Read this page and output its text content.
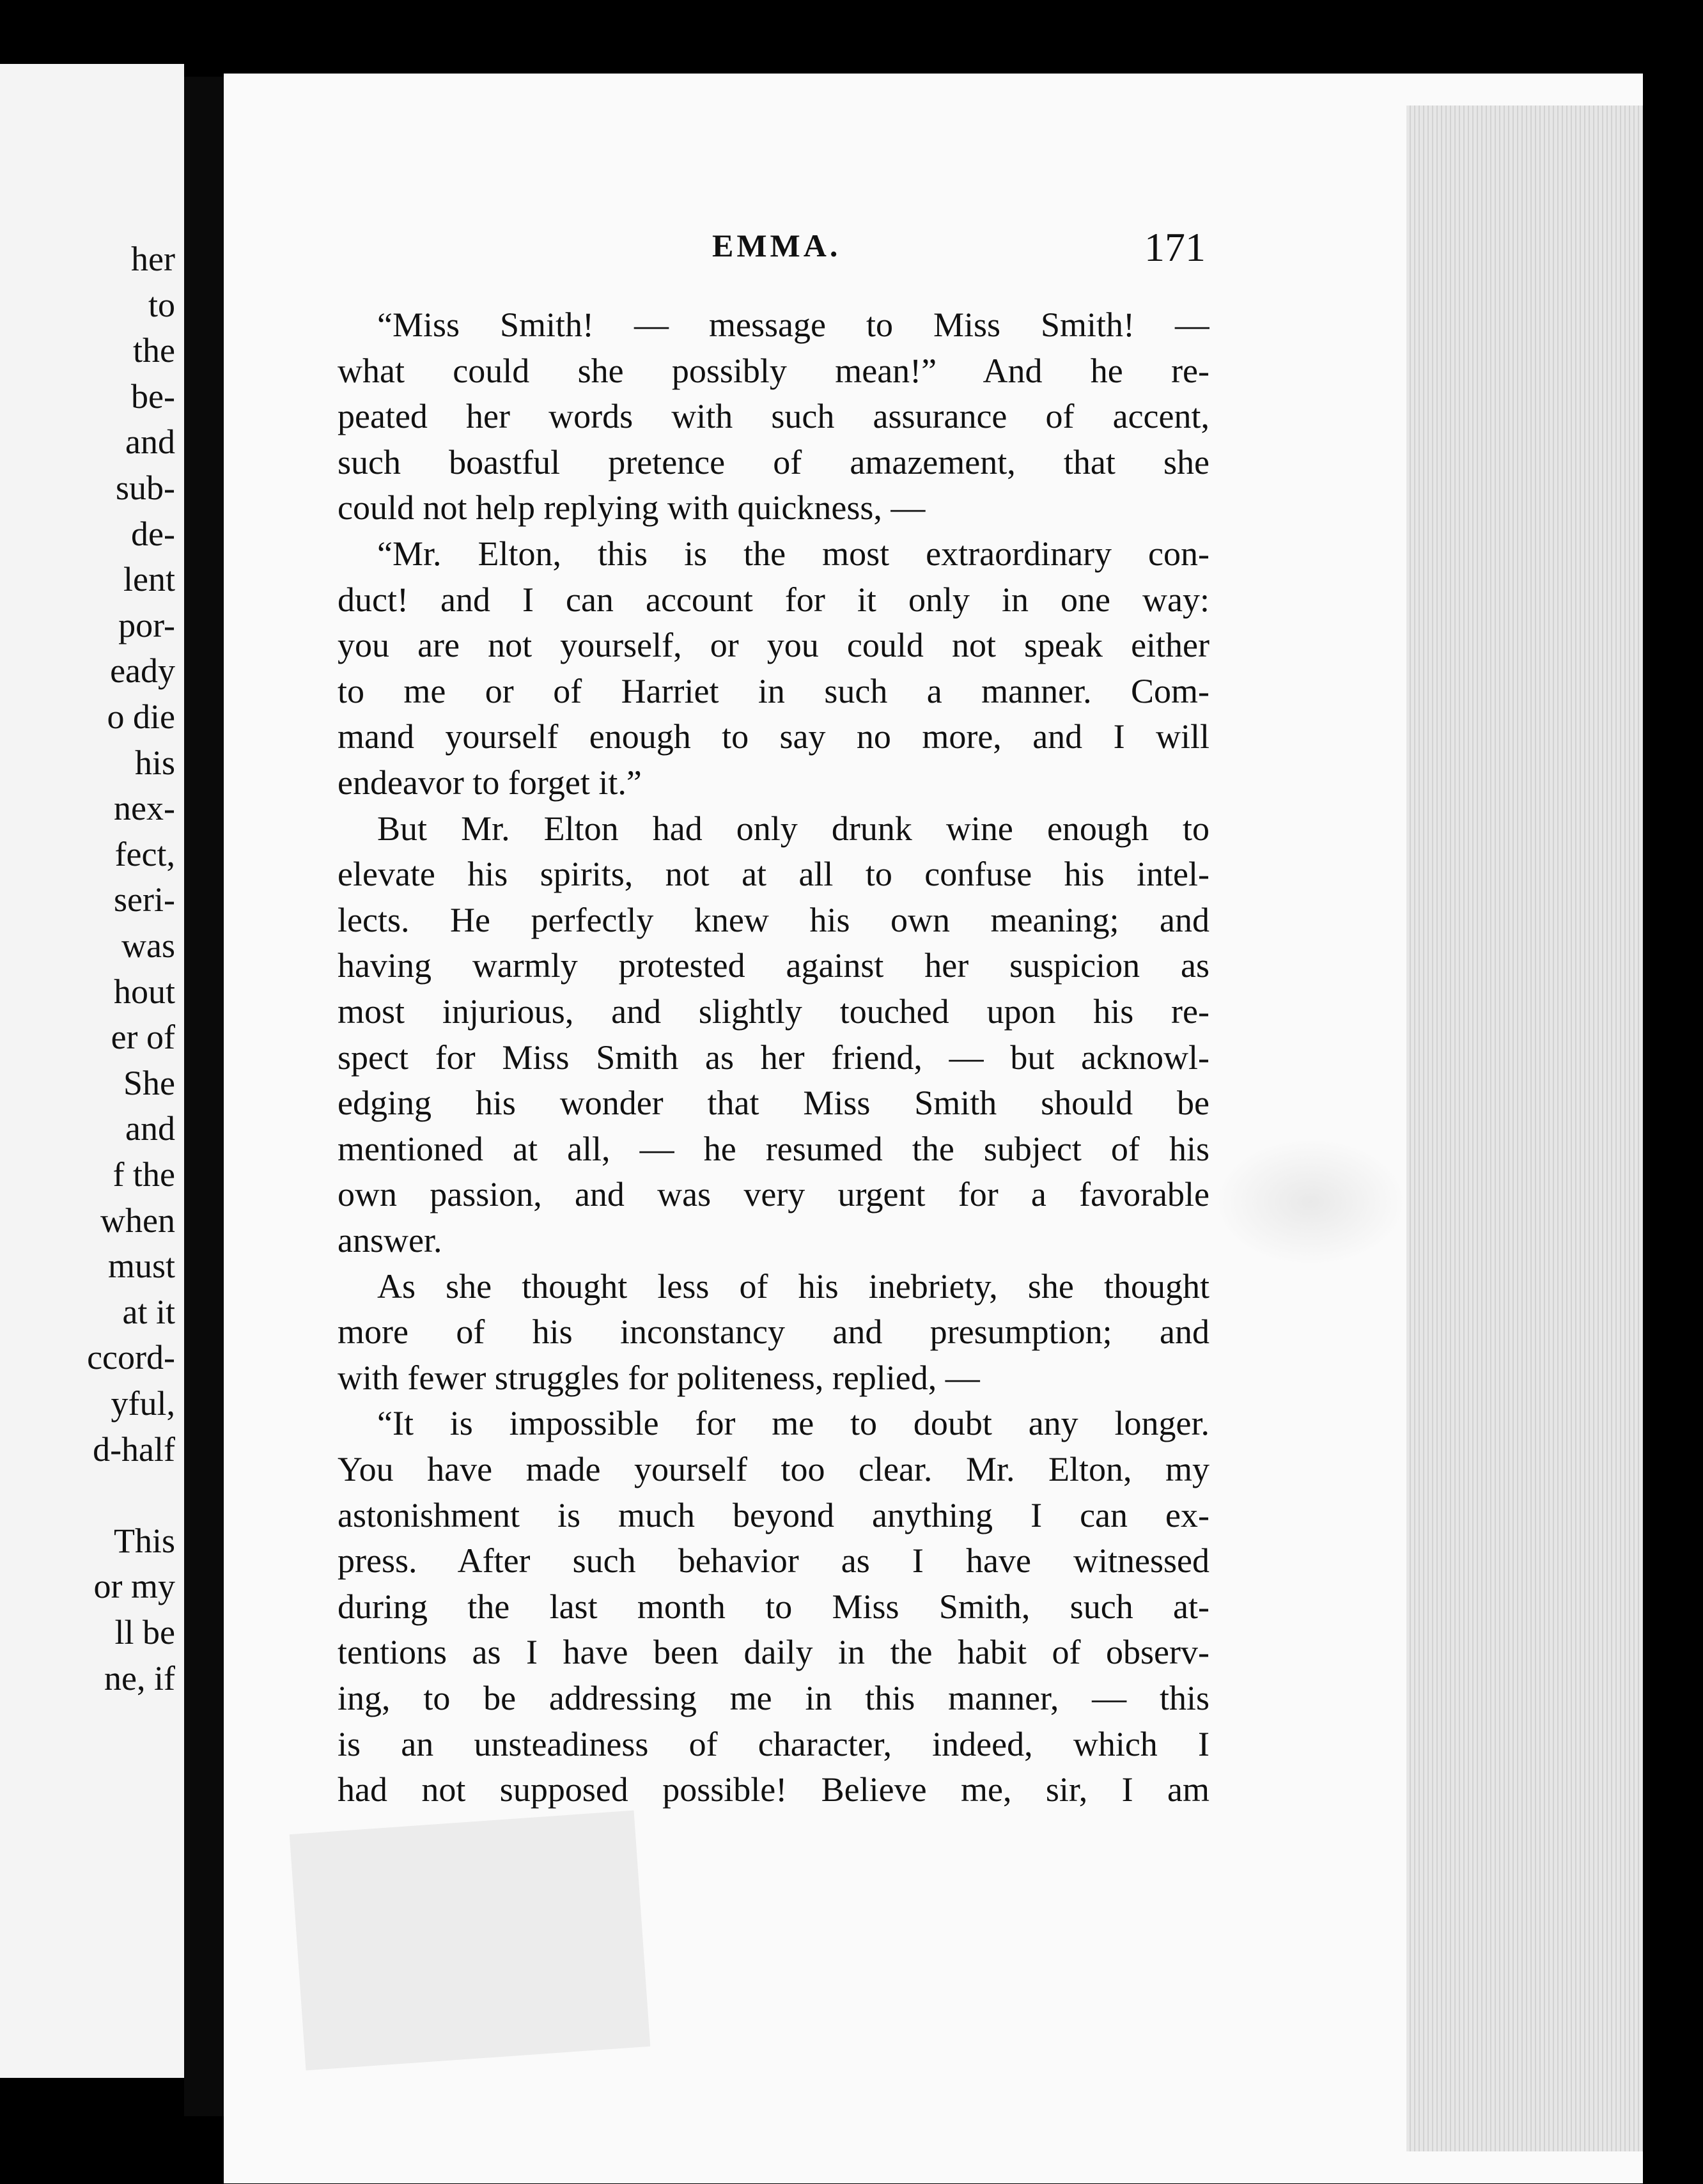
her
to
the
be-
and
sub-
de-
lent
por-
eady
o die
his
nex-
fect,
seri-
was
hout
er of
She
and
f the
when
must
at it
ccord-
yful,
d-half
This
or my
ll be
ne, if
EMMA.	171
“Miss Smith! — message to Miss Smith! —
what could she possibly mean!” And he re-
peated her words with such assurance of accent,
such boastful pretence of amazement, that she
could not help replying with quickness, —
“Mr. Elton, this is the most extraordinary con-
duct! and I can account for it only in one way:
you are not yourself, or you could not speak either
to me or of Harriet in such a manner. Com-
mand yourself enough to say no more, and I will
endeavor to forget it.”
But Mr. Elton had only drunk wine enough to
elevate his spirits, not at all to confuse his intel-
lects. He perfectly knew his own meaning; and
having warmly protested against her suspicion as
most injurious, and slightly touched upon his re-
spect for Miss Smith as her friend, — but acknowl-
edging his wonder that Miss Smith should be
mentioned at all, — he resumed the subject of his
own passion, and was very urgent for a favorable
answer.
As she thought less of his inebriety, she thought
more of his inconstancy and presumption; and
with fewer struggles for politeness, replied, —
“It is impossible for me to doubt any longer.
You have made yourself too clear. Mr. Elton, my
astonishment is much beyond anything I can ex-
press. After such behavior as I have witnessed
during the last month to Miss Smith, such at-
tentions as I have been daily in the habit of observ-
ing, to be addressing me in this manner, — this
is an unsteadiness of character, indeed, which I
had not supposed possible! Believe me, sir, I am
